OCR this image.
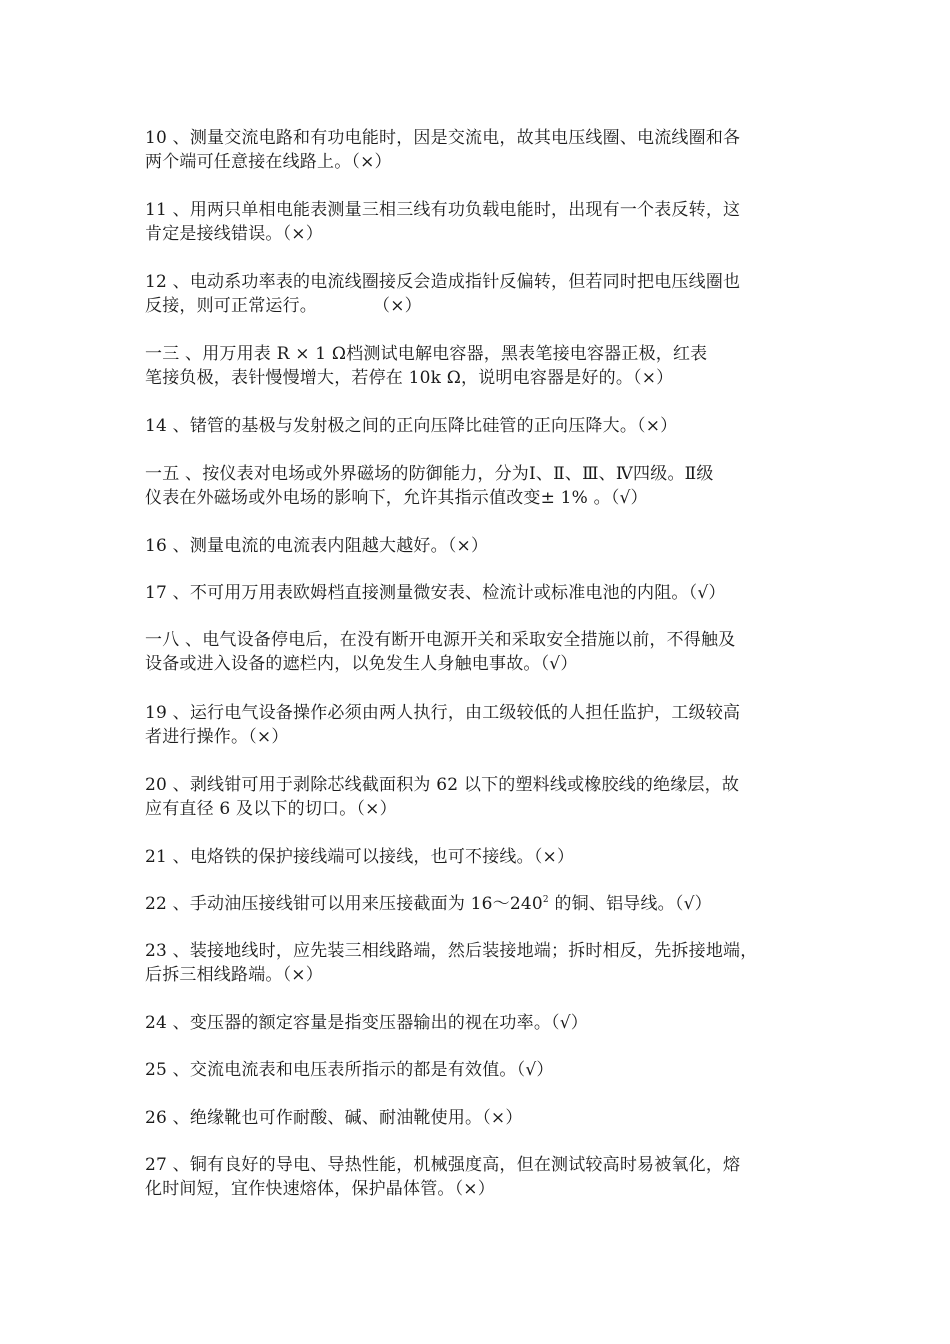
10 、测量交流电路和有功电能时，因是交流电，故其电压线圈、电流线圈和各
两个端可任意接在线路上。（×）
11 、用两只单相电能表测量三相三线有功负载电能时，出现有一个表反转，这
肯定是接线错误。（×）
12 、电动系功率表的电流线圈接反会造成指针反偏转，但若同时把电压线圈也
反接，则可正常运行。          （×）
一三 、用万用表 R × 1 Ω档测试电解电容器，黑表笔接电容器正极，红表
笔接负极，表针慢慢增大，若停在 10k Ω，说明电容器是好的。（×）
14 、锗管的基极与发射极之间的正向压降比硅管的正向压降大。（×）
一五 、按仪表对电场或外界磁场的防御能力，分为Ⅰ、Ⅱ、Ⅲ、Ⅳ四级。Ⅱ级
仪表在外磁场或外电场的影响下，允许其指示值改变± 1% 。（√）
16 、测量电流的电流表内阻越大越好。（×）
17 、不可用万用表欧姆档直接测量微安表、检流计或标准电池的内阻。（√）
一八 、电气设备停电后，在没有断开电源开关和采取安全措施以前，不得触及
设备或进入设备的遮栏内，以免发生人身触电事故。（√）
19 、运行电气设备操作必须由两人执行，由工级较低的人担任监护，工级较高
者进行操作。（×）
20 、剥线钳可用于剥除芯线截面积为 62 以下的塑料线或橡胶线的绝缘层，故
应有直径 6 及以下的切口。（×）
21 、电烙铁的保护接线端可以接线，也可不接线。（×）
22 、手动油压接线钳可以用来压接截面为 $16\sim 240^2$ 的铜、铝导线。（√）
23 、装接地线时，应先装三相线路端，然后装接地端；拆时相反，先拆接地端，
后拆三相线路端。（×）
24 、变压器的额定容量是指变压器输出的视在功率。（√）
25 、交流电流表和电压表所指示的都是有效值。（√）
26 、绝缘靴也可作耐酸、碱、耐油靴使用。（×）
27 、铜有良好的导电、导热性能，机械强度高，但在测试较高时易被氧化，熔
化时间短，宜作快速熔体，保护晶体管。（×）
